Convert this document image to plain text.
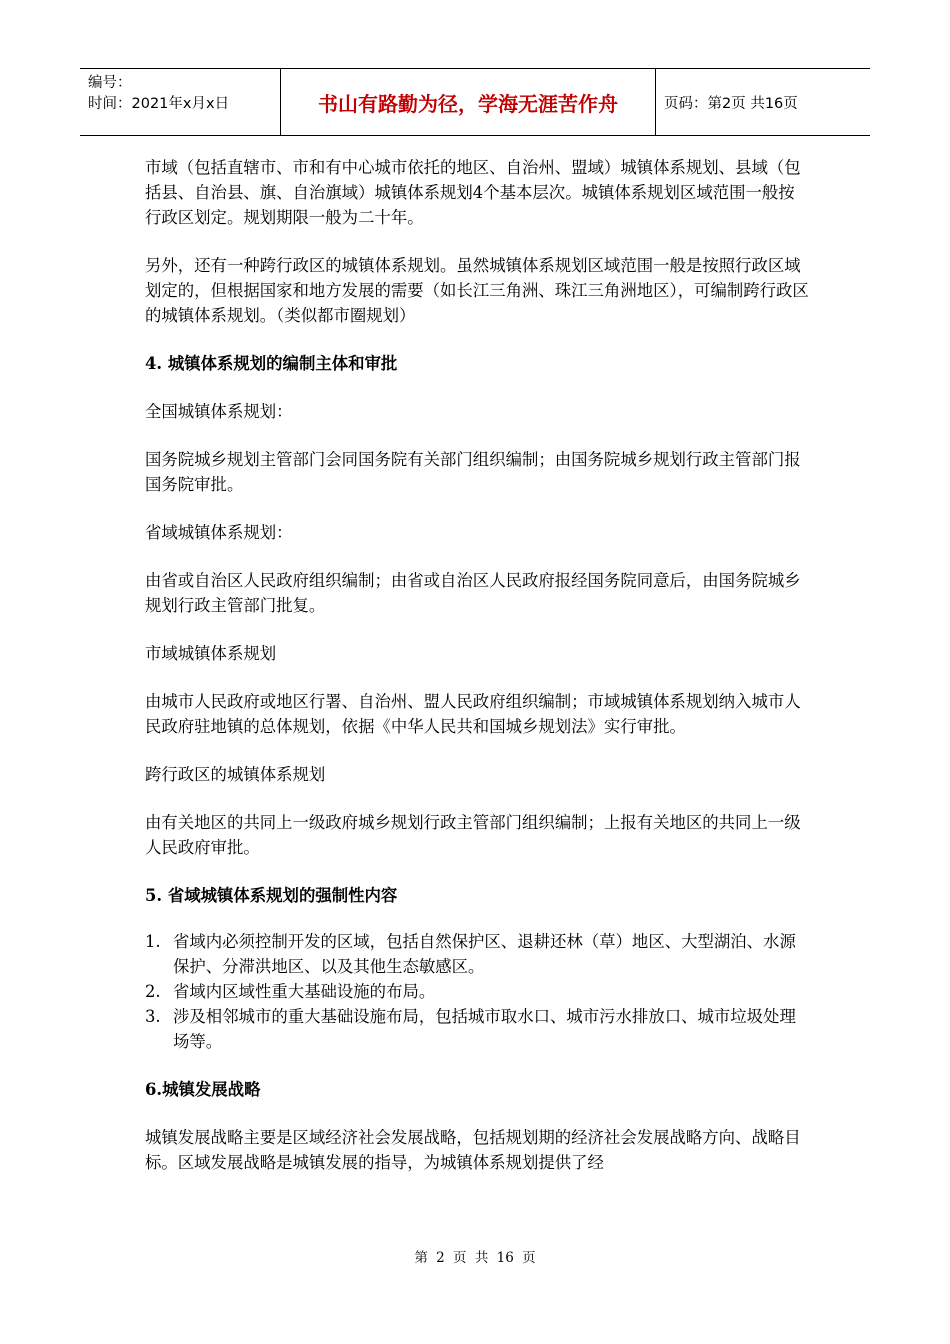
编号：
时间：2021年x月x日	书山有路勤为径，学海无涯苦作舟	页码：第2页 共16页

市域（包括直辖市、市和有中心城市依托的地区、自治州、盟域）城镇体系规划、县域（包括县、自治县、旗、自治旗域）城镇体系规划4个基本层次。城镇体系规划区域范围一般按行政区划定。规划期限一般为二十年。

另外，还有一种跨行政区的城镇体系规划。虽然城镇体系规划区域范围一般是按照行政区域划定的，但根据国家和地方发展的需要（如长江三角洲、珠江三角洲地区），可编制跨行政区的城镇体系规划。（类似都市圈规划）

4. 城镇体系规划的编制主体和审批

全国城镇体系规划：

国务院城乡规划主管部门会同国务院有关部门组织编制；由国务院城乡规划行政主管部门报国务院审批。

省域城镇体系规划：

由省或自治区人民政府组织编制；由省或自治区人民政府报经国务院同意后，由国务院城乡规划行政主管部门批复。

市域城镇体系规划

由城市人民政府或地区行署、自治州、盟人民政府组织编制；市域城镇体系规划纳入城市人民政府驻地镇的总体规划，依据《中华人民共和国城乡规划法》实行审批。

跨行政区的城镇体系规划

由有关地区的共同上一级政府城乡规划行政主管部门组织编制；上报有关地区的共同上一级人民政府审批。

5. 省域城镇体系规划的强制性内容
1. 省域内必须控制开发的区域，包括自然保护区、退耕还林（草）地区、大型湖泊、水源保护、分滞洪地区、以及其他生态敏感区。
2. 省域内区域性重大基础设施的布局。
3. 涉及相邻城市的重大基础设施布局，包括城市取水口、城市污水排放口、城市垃圾处理场等。
6.城镇发展战略

城镇发展战略主要是区域经济社会发展战略，包括规划期的经济社会发展战略方向、战略目标。区域发展战略是城镇发展的指导，为城镇体系规划提供了经

第 2 页 共 16 页
